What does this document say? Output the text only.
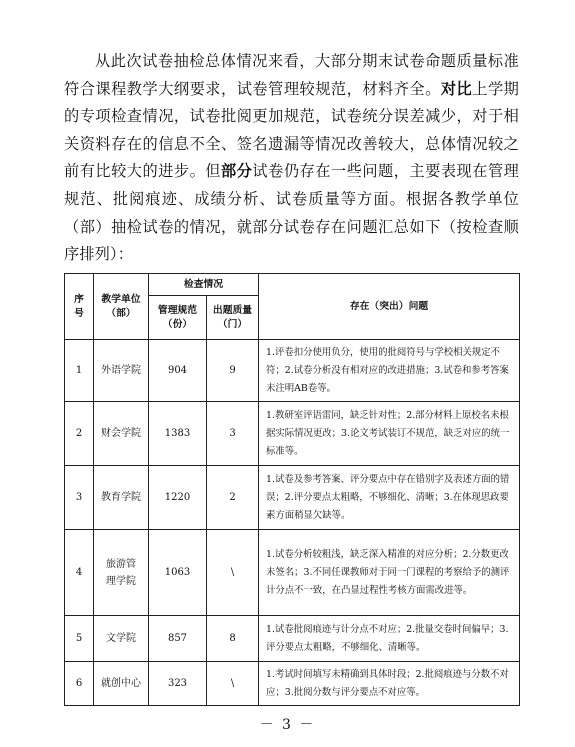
从此次试卷抽检总体情况来看，大部分期末试卷命题质量标准符合课程教学大纲要求，试卷管理较规范，材料齐全。对比上学期的专项检查情况，试卷批阅更加规范，试卷统分误差减少，对于相关资料存在的信息不全、签名遗漏等情况改善较大，总体情况较之前有比较大的进步。但部分试卷仍存在一些问题，主要表现在管理规范、批阅痕迹、成绩分析、试卷质量等方面。根据各教学单位（部）抽检试卷的情况，就部分试卷存在问题汇总如下（按检查顺序排列）：

序号	教学单位（部）	检查情况		存在（突出）问题
		管理规范（份）	出题质量（门）	
1	外语学院	904	9	1.评卷扣分使用负分，使用的批阅符号与学校相关规定不符；2.试卷分析没有相对应的改进措施；3.试卷和参考答案未注明AB卷等。
2	财会学院	1383	3	1.教研室评语雷同，缺乏针对性；2.部分材料上原校名未根据实际情况更改；3.论文考试装订不规范，缺乏对应的统一标准等。
3	教育学院	1220	2	1.试卷及参考答案、评分要点中存在错别字及表述方面的错误；2.评分要点太粗略，不够细化、清晰；3.在体现思政要素方面稍显欠缺等。
4	旅游管理学院	1063	\	1.试卷分析较粗浅，缺乏深入精准的对应分析；2.分数更改未签名；3.不同任课教师对于同一门课程的考察给予的测评计分点不一致，在凸显过程性考核方面需改进等。
5	文学院	857	8	1.试卷批阅痕迹与计分点不对应；2.批量交卷时间偏早；3.评分要点太粗略，不够细化、清晰等。
6	就创中心	323	\	1.考试时间填写未精确到具体时段；2.批阅痕迹与分数不对应；3.批阅分数与评分要点不对应等。
－ 3 －
